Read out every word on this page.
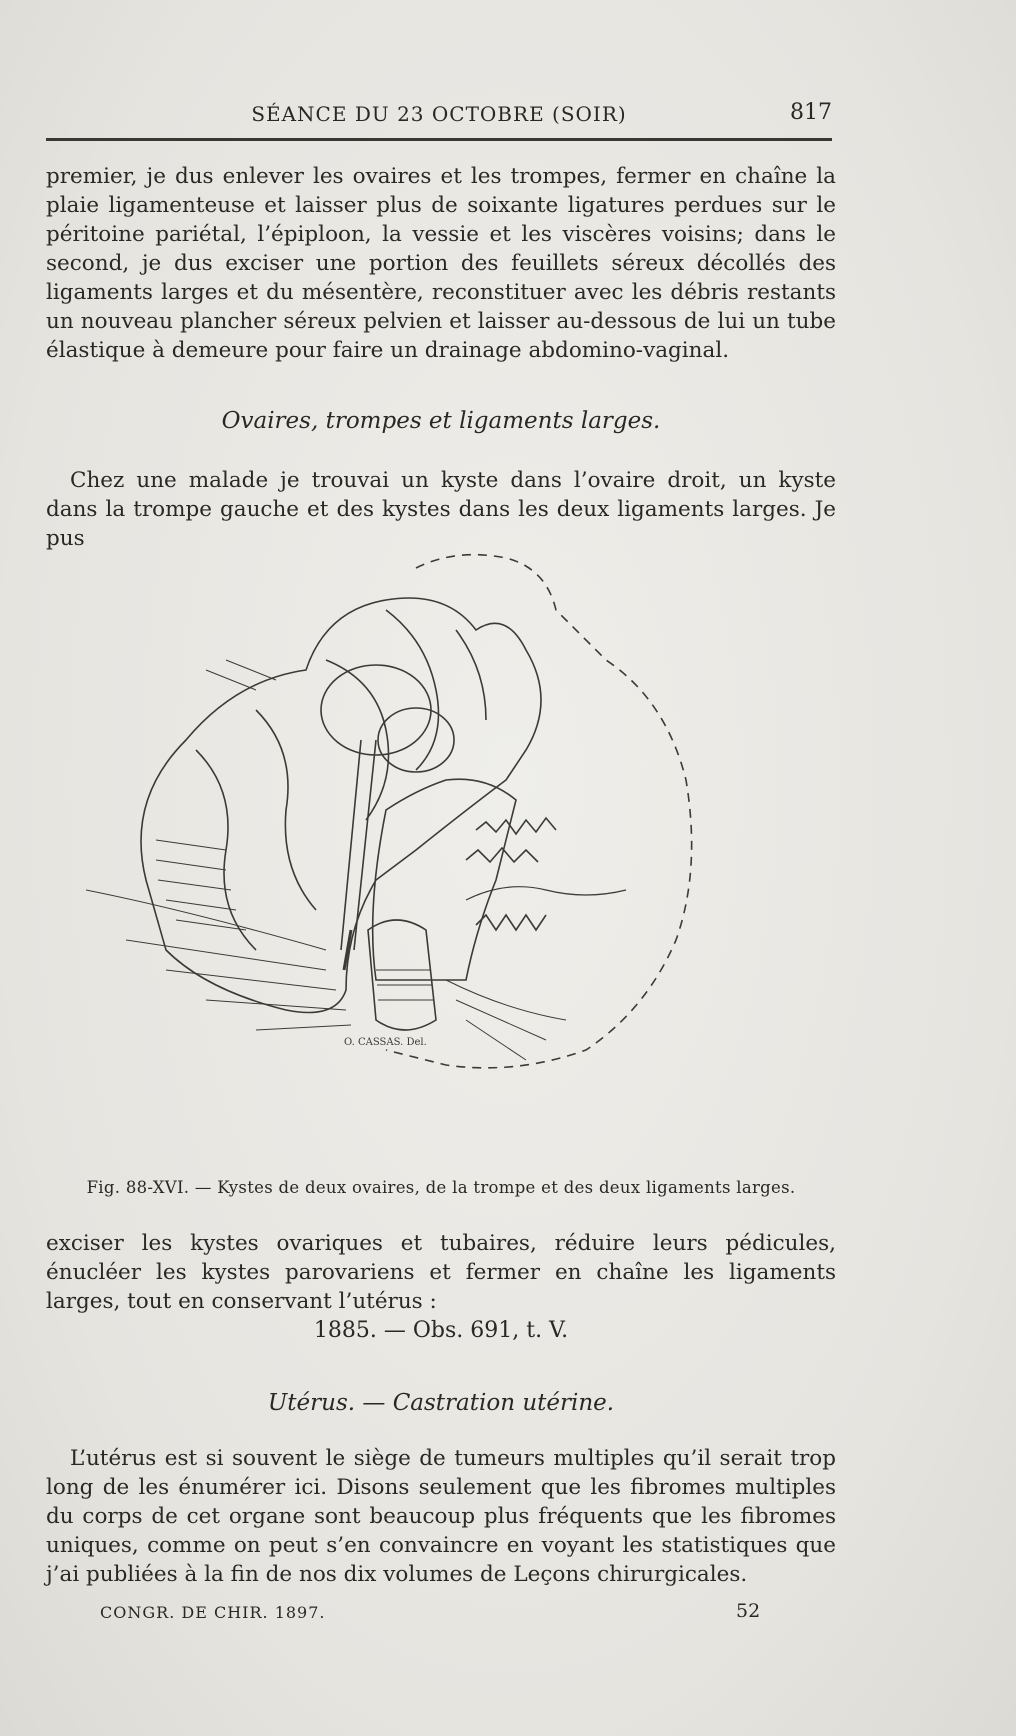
SÉANCE DU 23 OCTOBRE (SOIR)	817
premier, je dus enlever les ovaires et les trompes, fermer en chaîne la plaie ligamenteuse et laisser plus de soixante ligatures perdues sur le péritoine pariétal, l’épiploon, la vessie et les viscères voisins; dans le second, je dus exciser une portion des feuillets séreux décollés des ligaments larges et du mésentère, reconstituer avec les débris restants un nouveau plancher séreux pelvien et laisser au-dessous de lui un tube élastique à demeure pour faire un drainage abdomino-vaginal.
Ovaires, trompes et ligaments larges.
Chez une malade je trouvai un kyste dans l’ovaire droit, un kyste dans la trompe gauche et des kystes dans les deux ligaments larges. Je pus
O. CASSAS. Del.
Fig. 88-XVI. — Kystes de deux ovaires, de la trompe et des deux ligaments larges.
exciser les kystes ovariques et tubaires, réduire leurs pédicules, énucléer les kystes parovariens et fermer en chaîne les ligaments larges, tout en conservant l’utérus :
1885. — Obs. 691, t. V.
Utérus. — Castration utérine.
L’utérus est si souvent le siège de tumeurs multiples qu’il serait trop long de les énumérer ici. Disons seulement que les fibromes multiples du corps de cet organe sont beaucoup plus fréquents que les fibromes uniques, comme on peut s’en convaincre en voyant les statistiques que j’ai publiées à la fin de nos dix volumes de Leçons chirurgicales.
CONGR. DE CHIR. 1897.	52
